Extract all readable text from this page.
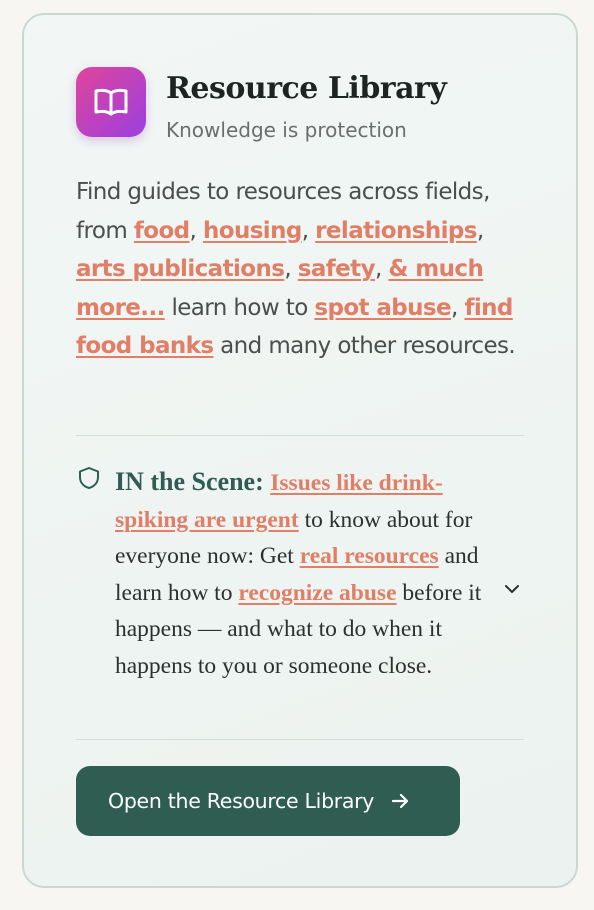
Resource Library
Knowledge is protection

Find guides to resources across fields, from food, housing, relationships, arts publications, safety, & much more... learn how to spot abuse, find food banks and many other resources.

IN the Scene: Issues like drink-spiking are urgent to know about for everyone now: Get real resources and learn how to recognize abuse before it happens — and what to do when it happens to you or someone close.

Open the Resource Library
